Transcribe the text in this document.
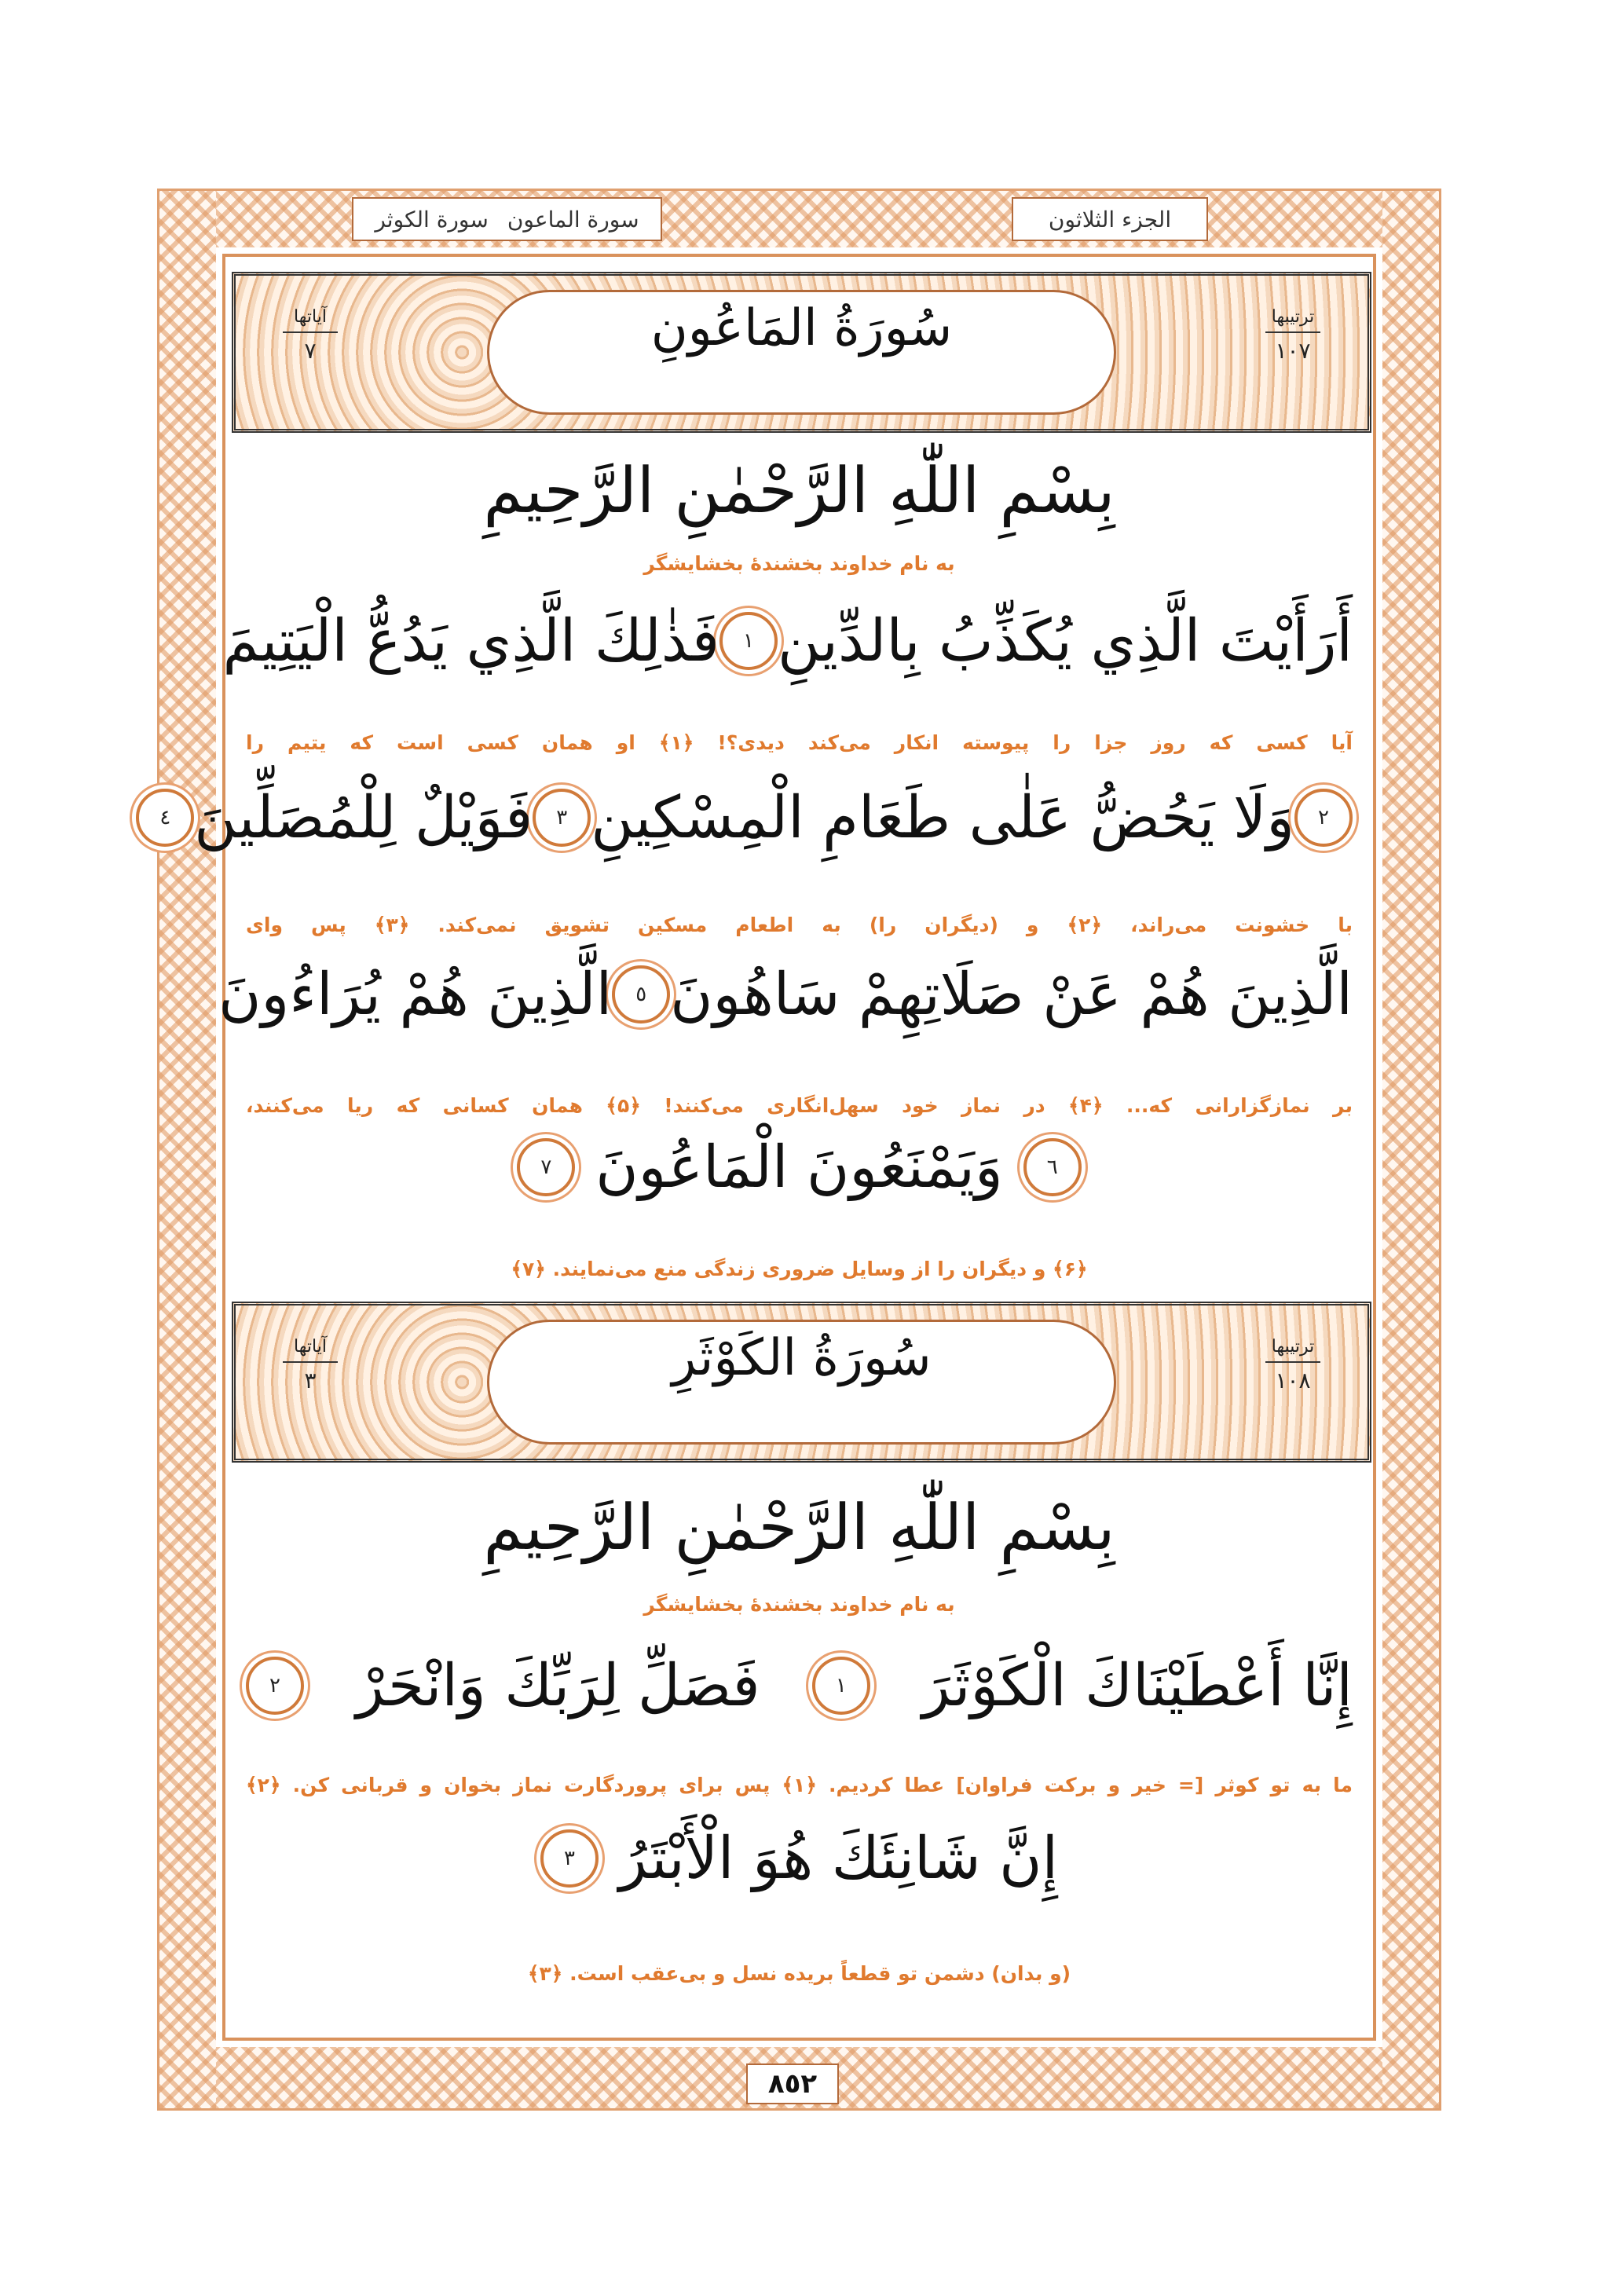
الجزء الثلاثون
سورة الماعون
سورة الكوثر
سُورَةُ المَاعُونِ
آياتها
٧
ترتيبها
١٠٧
بِسْمِ اللّٰهِ الرَّحْمٰنِ الرَّحِيمِ
به نام خداوند بخشندۀ بخشایشگر
أَرَأَيْتَ الَّذِي يُكَذِّبُ بِالدِّينِ
١
فَذٰلِكَ الَّذِي يَدُعُّ الْيَتِيمَ
آیا کسی که روز جزا را پیوسته انکار می‌کند دیدی؟! ﴿۱﴾ او همان کسی است که یتیم را
٢
وَلَا يَحُضُّ عَلٰى طَعَامِ الْمِسْكِينِ
٣
فَوَيْلٌ لِلْمُصَلِّينَ
٤
با خشونت می‌راند، ﴿۲﴾ و (دیگران را) به اطعام مسکین تشویق نمی‌کند. ﴿۳﴾ پس وای
الَّذِينَ هُمْ عَنْ صَلَاتِهِمْ سَاهُونَ
٥
الَّذِينَ هُمْ يُرَاءُونَ
بر نمازگزارانی که... ﴿۴﴾ در نماز خود سهل‌انگاری می‌کنند! ﴿۵﴾ همان کسانی که ریا می‌کنند،
٦
وَيَمْنَعُونَ الْمَاعُونَ
٧
﴿۶﴾ و دیگران را از وسایل ضروری زندگی منع می‌نمایند. ﴿۷﴾
سُورَةُ الكَوْثَرِ
آياتها
٣
ترتيبها
١٠٨
بِسْمِ اللّٰهِ الرَّحْمٰنِ الرَّحِيمِ
به نام خداوند بخشندۀ بخشایشگر
إِنَّا أَعْطَيْنَاكَ الْكَوْثَرَ
١
فَصَلِّ لِرَبِّكَ وَانْحَرْ
٢
ما به تو کوثر [= خیر و برکت فراوان] عطا کردیم. ﴿۱﴾ پس برای پروردگارت نماز بخوان و قربانی کن. ﴿۲﴾
إِنَّ شَانِئَكَ هُوَ الْأَبْتَرُ
٣
(و بدان) دشمن تو قطعاً بریده نسل و بی‌عقب است. ﴿۳﴾
٨٥٢
